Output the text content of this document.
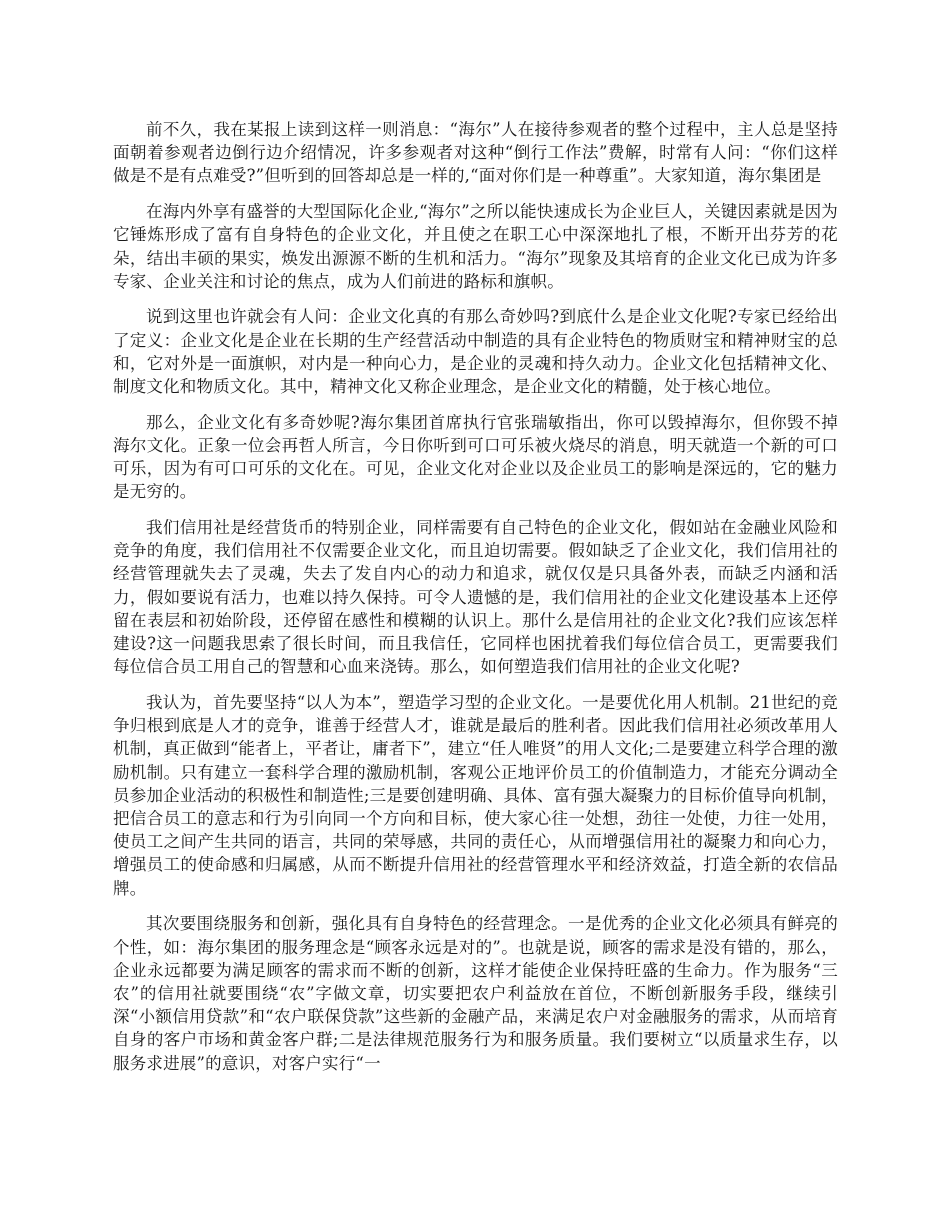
前不久，我在某报上读到这样一则消息：“海尔”人在接待参观者的整个过程中，主人总是坚持面朝着参观者边倒行边介绍情况，许多参观者对这种“倒行工作法”费解，时常有人问：“你们这样做是不是有点难受?”但听到的回答却总是一样的,“面对你们是一种尊重”。大家知道，海尔集团是

在海内外享有盛誉的大型国际化企业,“海尔”之所以能快速成长为企业巨人，关键因素就是因为它锤炼形成了富有自身特色的企业文化，并且使之在职工心中深深地扎了根，不断开出芬芳的花朵，结出丰硕的果实，焕发出源源不断的生机和活力。“海尔”现象及其培育的企业文化已成为许多专家、企业关注和讨论的焦点，成为人们前进的路标和旗帜。

说到这里也许就会有人问：企业文化真的有那么奇妙吗?到底什么是企业文化呢?专家已经给出了定义：企业文化是企业在长期的生产经营活动中制造的具有企业特色的物质财宝和精神财宝的总和，它对外是一面旗帜，对内是一种向心力，是企业的灵魂和持久动力。企业文化包括精神文化、制度文化和物质文化。其中，精神文化又称企业理念，是企业文化的精髓，处于核心地位。

那么，企业文化有多奇妙呢?海尔集团首席执行官张瑞敏指出，你可以毁掉海尔，但你毁不掉海尔文化。正象一位会再哲人所言，今日你听到可口可乐被火烧尽的消息，明天就造一个新的可口可乐，因为有可口可乐的文化在。可见，企业文化对企业以及企业员工的影响是深远的，它的魅力是无穷的。

我们信用社是经营货币的特别企业，同样需要有自己特色的企业文化，假如站在金融业风险和竞争的角度，我们信用社不仅需要企业文化，而且迫切需要。假如缺乏了企业文化，我们信用社的经营管理就失去了灵魂，失去了发自内心的动力和追求，就仅仅是只具备外表，而缺乏内涵和活力，假如要说有活力，也难以持久保持。可令人遗憾的是，我们信用社的企业文化建设基本上还停留在表层和初始阶段，还停留在感性和模糊的认识上。那什么是信用社的企业文化?我们应该怎样建设?这一问题我思索了很长时间，而且我信任，它同样也困扰着我们每位信合员工，更需要我们每位信合员工用自己的智慧和心血来浇铸。那么，如何塑造我们信用社的企业文化呢?

我认为，首先要坚持“以人为本”，塑造学习型的企业文化。一是要优化用人机制。21世纪的竞争归根到底是人才的竞争，谁善于经营人才，谁就是最后的胜利者。因此我们信用社必须改革用人机制，真正做到“能者上，平者让，庸者下”，建立“任人唯贤”的用人文化;二是要建立科学合理的激励机制。只有建立一套科学合理的激励机制，客观公正地评价员工的价值制造力，才能充分调动全员参加企业活动的积极性和制造性;三是要创建明确、具体、富有强大凝聚力的目标价值导向机制，把信合员工的意志和行为引向同一个方向和目标，使大家心往一处想，劲往一处使，力往一处用，使员工之间产生共同的语言，共同的荣辱感，共同的责任心，从而增强信用社的凝聚力和向心力，增强员工的使命感和归属感，从而不断提升信用社的经营管理水平和经济效益，打造全新的农信品牌。

其次要围绕服务和创新，强化具有自身特色的经营理念。一是优秀的企业文化必须具有鲜亮的个性，如：海尔集团的服务理念是“顾客永远是对的”。也就是说，顾客的需求是没有错的，那么，企业永远都要为满足顾客的需求而不断的创新，这样才能使企业保持旺盛的生命力。作为服务“三农”的信用社就要围绕“农”字做文章，切实要把农户利益放在首位，不断创新服务手段，继续引深“小额信用贷款”和“农户联保贷款”这些新的金融产品，来满足农户对金融服务的需求，从而培育自身的客户市场和黄金客户群;二是法律规范服务行为和服务质量。我们要树立“以质量求生存，以服务求进展”的意识，对客户实行“一
